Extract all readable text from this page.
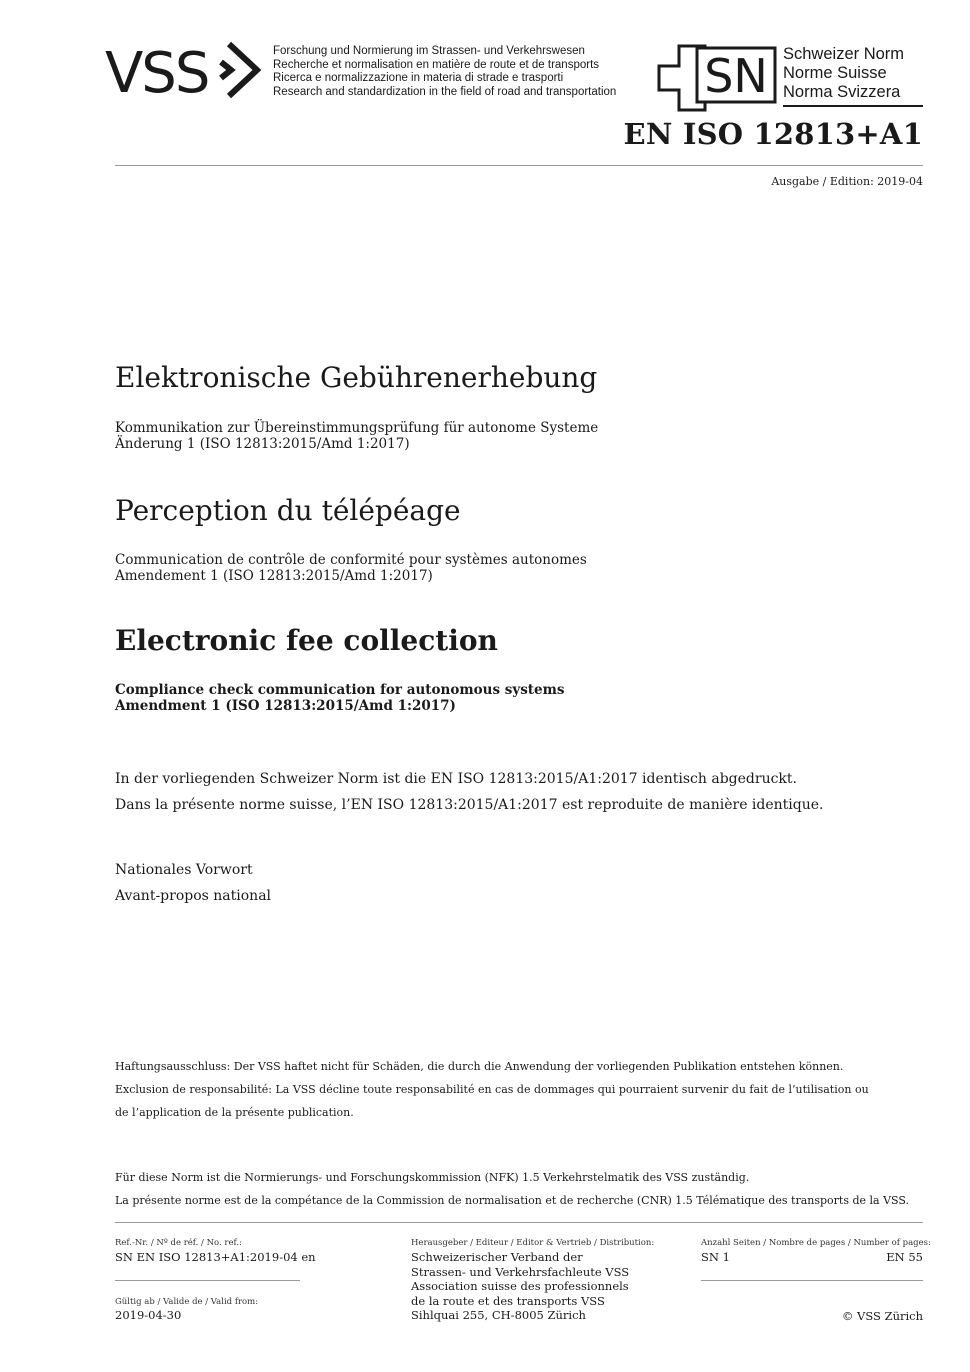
VSS	Forschung und Normierung im Strassen- und Verkehrswesen
Recherche et normalisation en matière de route et de transports
Ricerca e normalizzazione in materia di strade e trasporti
Research and standardization in the field of road and transportation SN Schweizer Norm
Norme Suisse
Norma Svizzera
EN ISO 12813+A1
Ausgabe / Edition: 2019-04
Elektronische Gebührenerhebung
Kommunikation zur Übereinstimmungsprüfung für autonome Systeme
Änderung 1 (ISO 12813:2015/Amd 1:2017)
Perception du télépéage
Communication de contrôle de conformité pour systèmes autonomes
Amendement 1 (ISO 12813:2015/Amd 1:2017)
Electronic fee collection
Compliance check communication for autonomous systems
Amendment 1 (ISO 12813:2015/Amd 1:2017)
In der vorliegenden Schweizer Norm ist die EN ISO 12813:2015/A1:2017 identisch abgedruckt.
Dans la présente norme suisse, l’EN ISO 12813:2015/A1:2017 est reproduite de manière identique.
Nationales Vorwort
Avant-propos national
Haftungsausschluss: Der VSS haftet nicht für Schäden, die durch die Anwendung der vorliegenden Publikation entstehen können.
Exclusion de responsabilité: La VSS décline toute responsabilité en cas de dommages qui pourraient survenir du fait de l’utilisation ou
de l’application de la présente publication.
Für diese Norm ist die Normierungs- und Forschungskommission (NFK) 1.5 Verkehrstelmatik des VSS zuständig.
La présente norme est de la compétance de la Commission de normalisation et de recherche (CNR) 1.5 Télématique des transports de la VSS.
Ref.-Nr. / Nº de réf. / No. ref.:
SN EN ISO 12813+A1:2019-04 en
Gültig ab / Valide de / Valid from:
2019-04-30
Herausgeber / Editeur / Editor & Vertrieb / Distribution:
Schweizerischer Verband der
Strassen- und Verkehrsfachleute VSS
Association suisse des professionnels
de la route et des transports VSS
Sihlquai 255, CH-8005 Zürich
Anzahl Seiten / Nombre de pages / Number of pages:
SN 1	EN 55
© VSS Zürich
